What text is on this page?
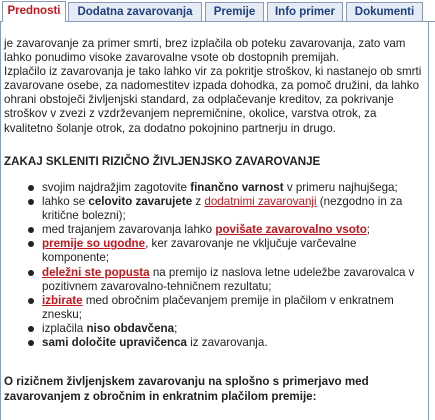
Prednosti	Dodatna zavarovanja	Premije	Info primer	Dokumenti

je zavarovanje za primer smrti, brez izplačila ob poteku zavarovanja, zato vam lahko ponudimo visoke zavarovalne vsote ob dostopnih premijah.

Izplačilo iz zavarovanja je tako lahko vir za pokritje stroškov, ki nastanejo ob smrti zavarovane osebe, za nadomestitev izpada dohodka, za pomoč družini, da lahko ohrani obstoječi življenjski standard, za odplačevanje kreditov, za pokrivanje stroškov v zvezi z vzdrževanjem nepremičnine, okolice, varstva otrok, za kvalitetno šolanje otrok, za dodatno pokojnino partnerju in drugo.

ZAKAJ SKLENITI RIZIČNO ŽIVLJENJSKO ZAVAROVANJE
svojim najdražjim zagotovite finančno varnost v primeru najhujšega;
lahko se celovito zavarujete z dodatnimi zavarovanji (nezgodno in za kritične bolezni);
med trajanjem zavarovanja lahko povišate zavarovalno vsoto;
premije so ugodne, ker zavarovanje ne vključuje varčevalne komponente;
deležni ste popusta na premijo iz naslova letne udeležbe zavarovalca v pozitivnem zavarovalno-tehničnem rezultatu;
izbirate med obročnim plačevanjem premije in plačilom v enkratnem znesku;
izplačila niso obdavčena;
sami določite upravičenca iz zavarovanja.
O rizičnem življenjskem zavarovanju na splošno s primerjavo med zavarovanjem z obročnim in enkratnim plačilom premije:
